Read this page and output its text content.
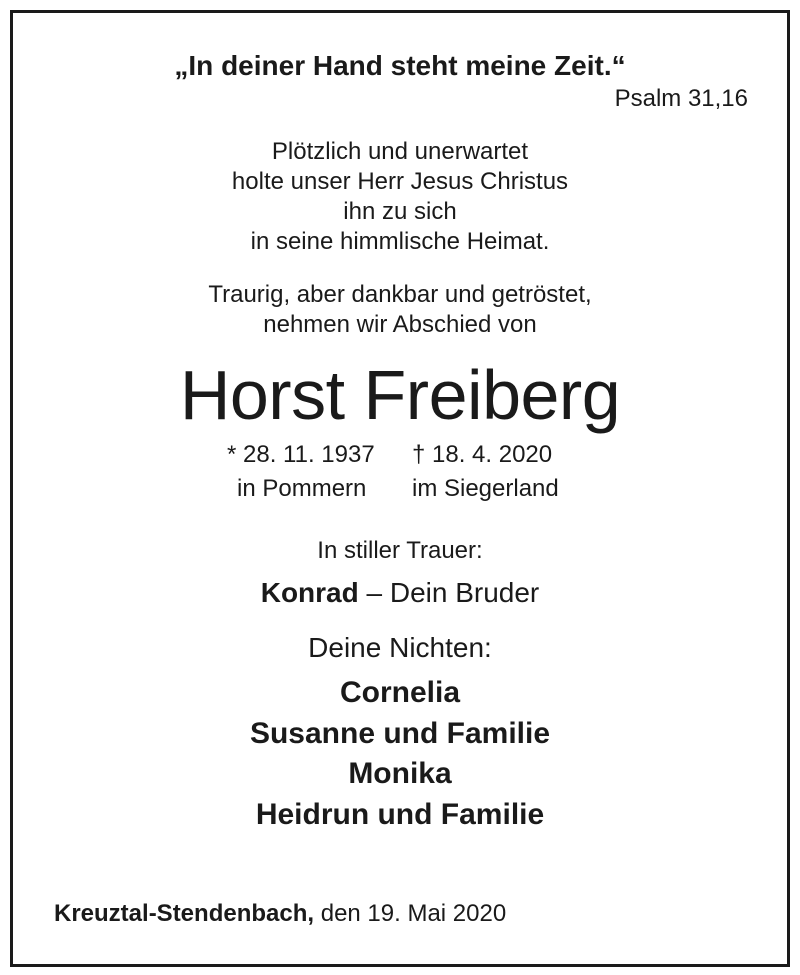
„In deiner Hand steht meine Zeit.“
Psalm 31,16
Plötzlich und unerwartet
holte unser Herr Jesus Christus
ihn zu sich
in seine himmlische Heimat.
Traurig, aber dankbar und getröstet,
nehmen wir Abschied von
Horst Freiberg
* 28. 11. 1937
in Pommern
† 18. 4. 2020
im Siegerland
In stiller Trauer:
Konrad – Dein Bruder
Deine Nichten:
Cornelia
Susanne und Familie
Monika
Heidrun und Familie
Kreuztal-Stendenbach, den 19. Mai 2020
